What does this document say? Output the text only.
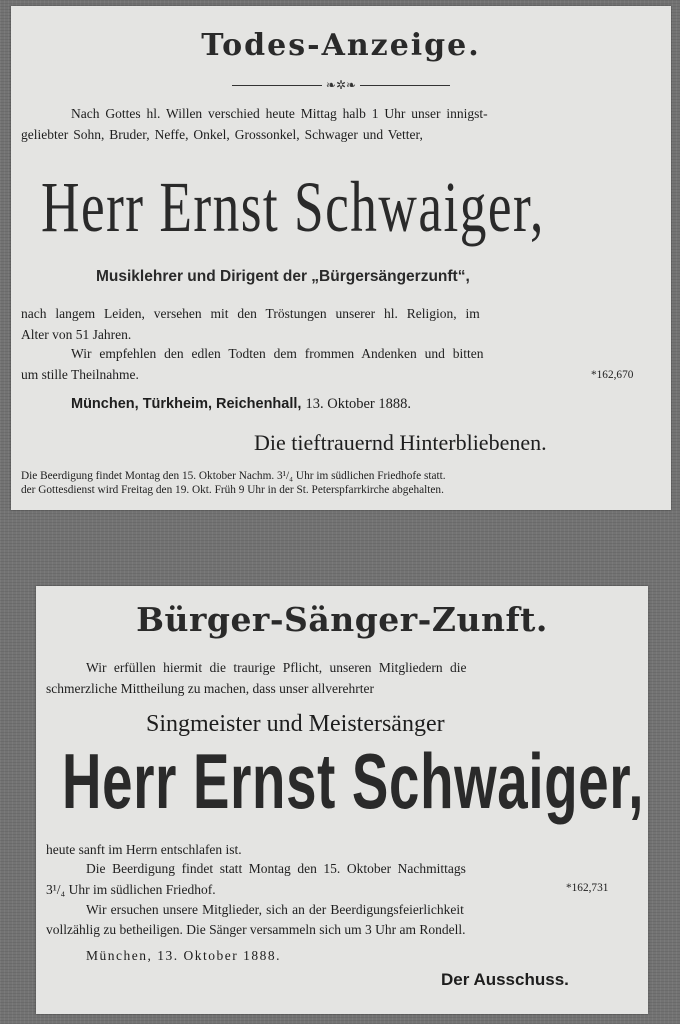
Todes-Anzeige.
❧✲❧
Nach Gottes hl. Willen verschied heute Mittag halb 1 Uhr unser innigst-
geliebter Sohn, Bruder, Neffe, Onkel, Grossonkel, Schwager und Vetter,
Herr Ernst Schwaiger,
Musiklehrer und Dirigent der „Bürgersängerzunft“,
nach langem Leiden, versehen mit den Tröstungen unserer hl. Religion, im
Alter von 51 Jahren.
Wir empfehlen den edlen Todten dem frommen Andenken und bitten
um stille Theilnahme.	*162,670
München, Türkheim, Reichenhall, 13. Oktober 1888.
Die tieftrauernd Hinterbliebenen.
Die Beerdigung findet Montag den 15. Oktober Nachm. 3¹/₄ Uhr im südlichen Friedhofe statt.
der Gottesdienst wird Freitag den 19. Okt. Früh 9 Uhr in der St. Peterspfarrkirche abgehalten.
Bürger-Sänger-Zunft.
Wir erfüllen hiermit die traurige Pflicht, unseren Mitgliedern die
schmerzliche Mittheilung zu machen, dass unser allverehrter
Singmeister und Meistersänger
Herr Ernst Schwaiger,
heute sanft im Herrn entschlafen ist.
Die Beerdigung findet statt Montag den 15. Oktober Nachmittags
3¹/₄ Uhr im südlichen Friedhof.	*162,731
Wir ersuchen unsere Mitglieder, sich an der Beerdigungsfeierlichkeit
vollzählig zu betheiligen. Die Sänger versammeln sich um 3 Uhr am Rondell.
München, 13. Oktober 1888.
Der Ausschuss.
